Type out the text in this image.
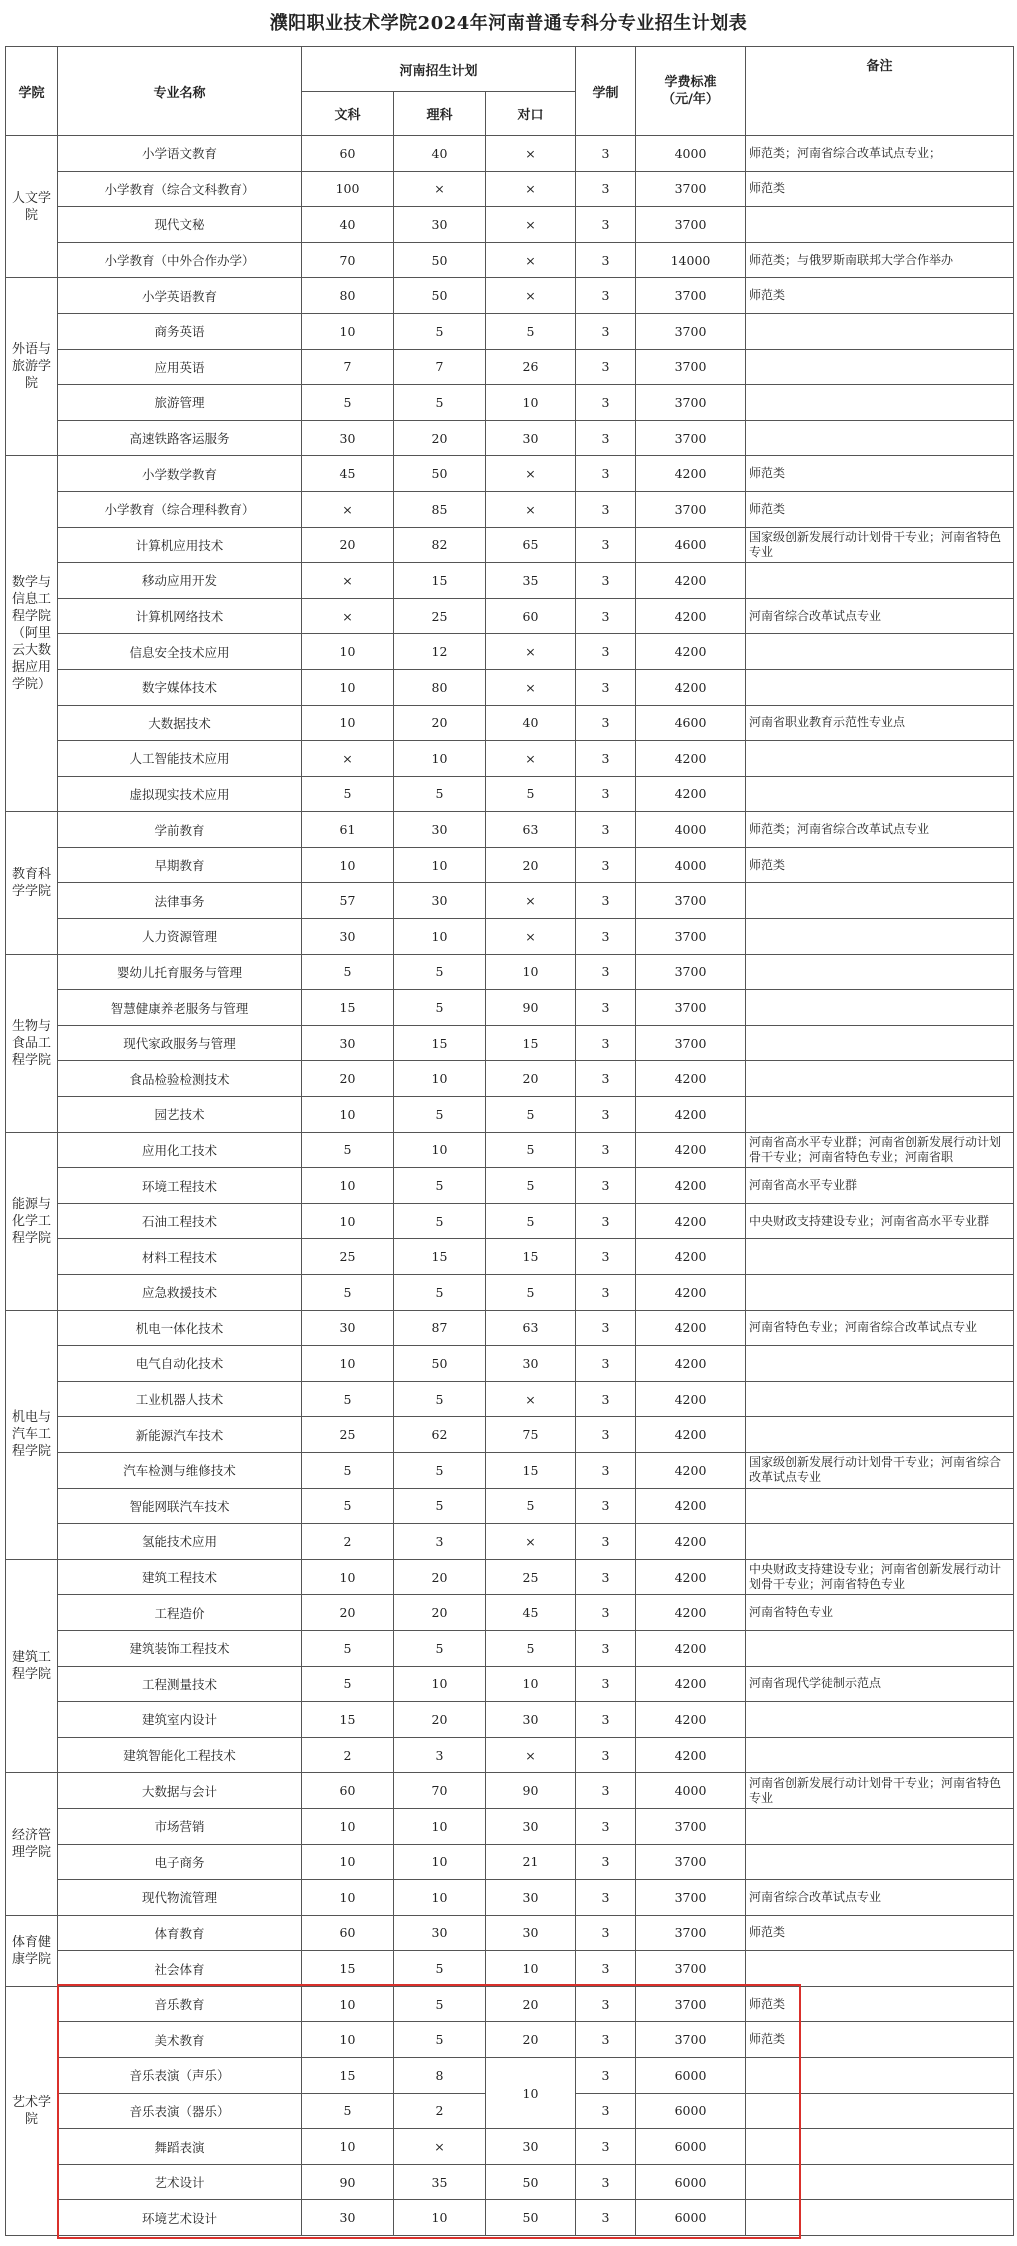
濮阳职业技术学院2024年河南普通专科分专业招生计划表
学院	专业名称	河南招生计划			学制	学费标准
（元/年）	备注
		文科	理科	对口			
人文学院	小学语文教育	60	40	×	3	4000	师范类；河南省综合改革试点专业；
	小学教育（综合文科教育）	100	×	×	3	3700	师范类
	现代文秘	40	30	×	3	3700	
	小学教育（中外合作办学）	70	50	×	3	14000	师范类；与俄罗斯南联邦大学合作举办
外语与旅游学院	小学英语教育	80	50	×	3	3700	师范类
	商务英语	10	5	5	3	3700	
	应用英语	7	7	26	3	3700	
	旅游管理	5	5	10	3	3700	
	高速铁路客运服务	30	20	30	3	3700	
数学与信息工程学院（阿里云大数据应用学院）	小学数学教育	45	50	×	3	4200	师范类
	小学教育（综合理科教育）	×	85	×	3	3700	师范类
	计算机应用技术	20	82	65	3	4600	国家级创新发展行动计划骨干专业；河南省特色专业
	移动应用开发	×	15	35	3	4200	
	计算机网络技术	×	25	60	3	4200	河南省综合改革试点专业
	信息安全技术应用	10	12	×	3	4200	
	数字媒体技术	10	80	×	3	4200	
	大数据技术	10	20	40	3	4600	河南省职业教育示范性专业点
	人工智能技术应用	×	10	×	3	4200	
	虚拟现实技术应用	5	5	5	3	4200	
教育科学学院	学前教育	61	30	63	3	4000	师范类；河南省综合改革试点专业
	早期教育	10	10	20	3	4000	师范类
	法律事务	57	30	×	3	3700	
	人力资源管理	30	10	×	3	3700	
生物与食品工程学院	婴幼儿托育服务与管理	5	5	10	3	3700	
	智慧健康养老服务与管理	15	5	90	3	3700	
	现代家政服务与管理	30	15	15	3	3700	
	食品检验检测技术	20	10	20	3	4200	
	园艺技术	10	5	5	3	4200	
能源与化学工程学院	应用化工技术	5	10	5	3	4200	河南省高水平专业群；河南省创新发展行动计划骨干专业；河南省特色专业；河南省职
	环境工程技术	10	5	5	3	4200	河南省高水平专业群
	石油工程技术	10	5	5	3	4200	中央财政支持建设专业；河南省高水平专业群
	材料工程技术	25	15	15	3	4200	
	应急救援技术	5	5	5	3	4200	
机电与汽车工程学院	机电一体化技术	30	87	63	3	4200	河南省特色专业；河南省综合改革试点专业
	电气自动化技术	10	50	30	3	4200	
	工业机器人技术	5	5	×	3	4200	
	新能源汽车技术	25	62	75	3	4200	
	汽车检测与维修技术	5	5	15	3	4200	国家级创新发展行动计划骨干专业；河南省综合改革试点专业
	智能网联汽车技术	5	5	5	3	4200	
	氢能技术应用	2	3	×	3	4200	
建筑工程学院	建筑工程技术	10	20	25	3	4200	中央财政支持建设专业；河南省创新发展行动计划骨干专业；河南省特色专业
	工程造价	20	20	45	3	4200	河南省特色专业
	建筑装饰工程技术	5	5	5	3	4200	
	工程测量技术	5	10	10	3	4200	河南省现代学徒制示范点
	建筑室内设计	15	20	30	3	4200	
	建筑智能化工程技术	2	3	×	3	4200	
经济管理学院	大数据与会计	60	70	90	3	4000	河南省创新发展行动计划骨干专业；河南省特色专业
	市场营销	10	10	30	3	3700	
	电子商务	10	10	21	3	3700	
	现代物流管理	10	10	30	3	3700	河南省综合改革试点专业
体育健康学院	体育教育	60	30	30	3	3700	师范类
	社会体育	15	5	10	3	3700	
艺术学院	音乐教育	10	5	20	3	3700	师范类
	美术教育	10	5	20	3	3700	师范类
	音乐表演（声乐）	15	8	10	3	6000	
	音乐表演（器乐）	5	2		3	6000	
	舞蹈表演	10	×	30	3	6000	
	艺术设计	90	35	50	3	6000	
	环境艺术设计	30	10	50	3	6000	
